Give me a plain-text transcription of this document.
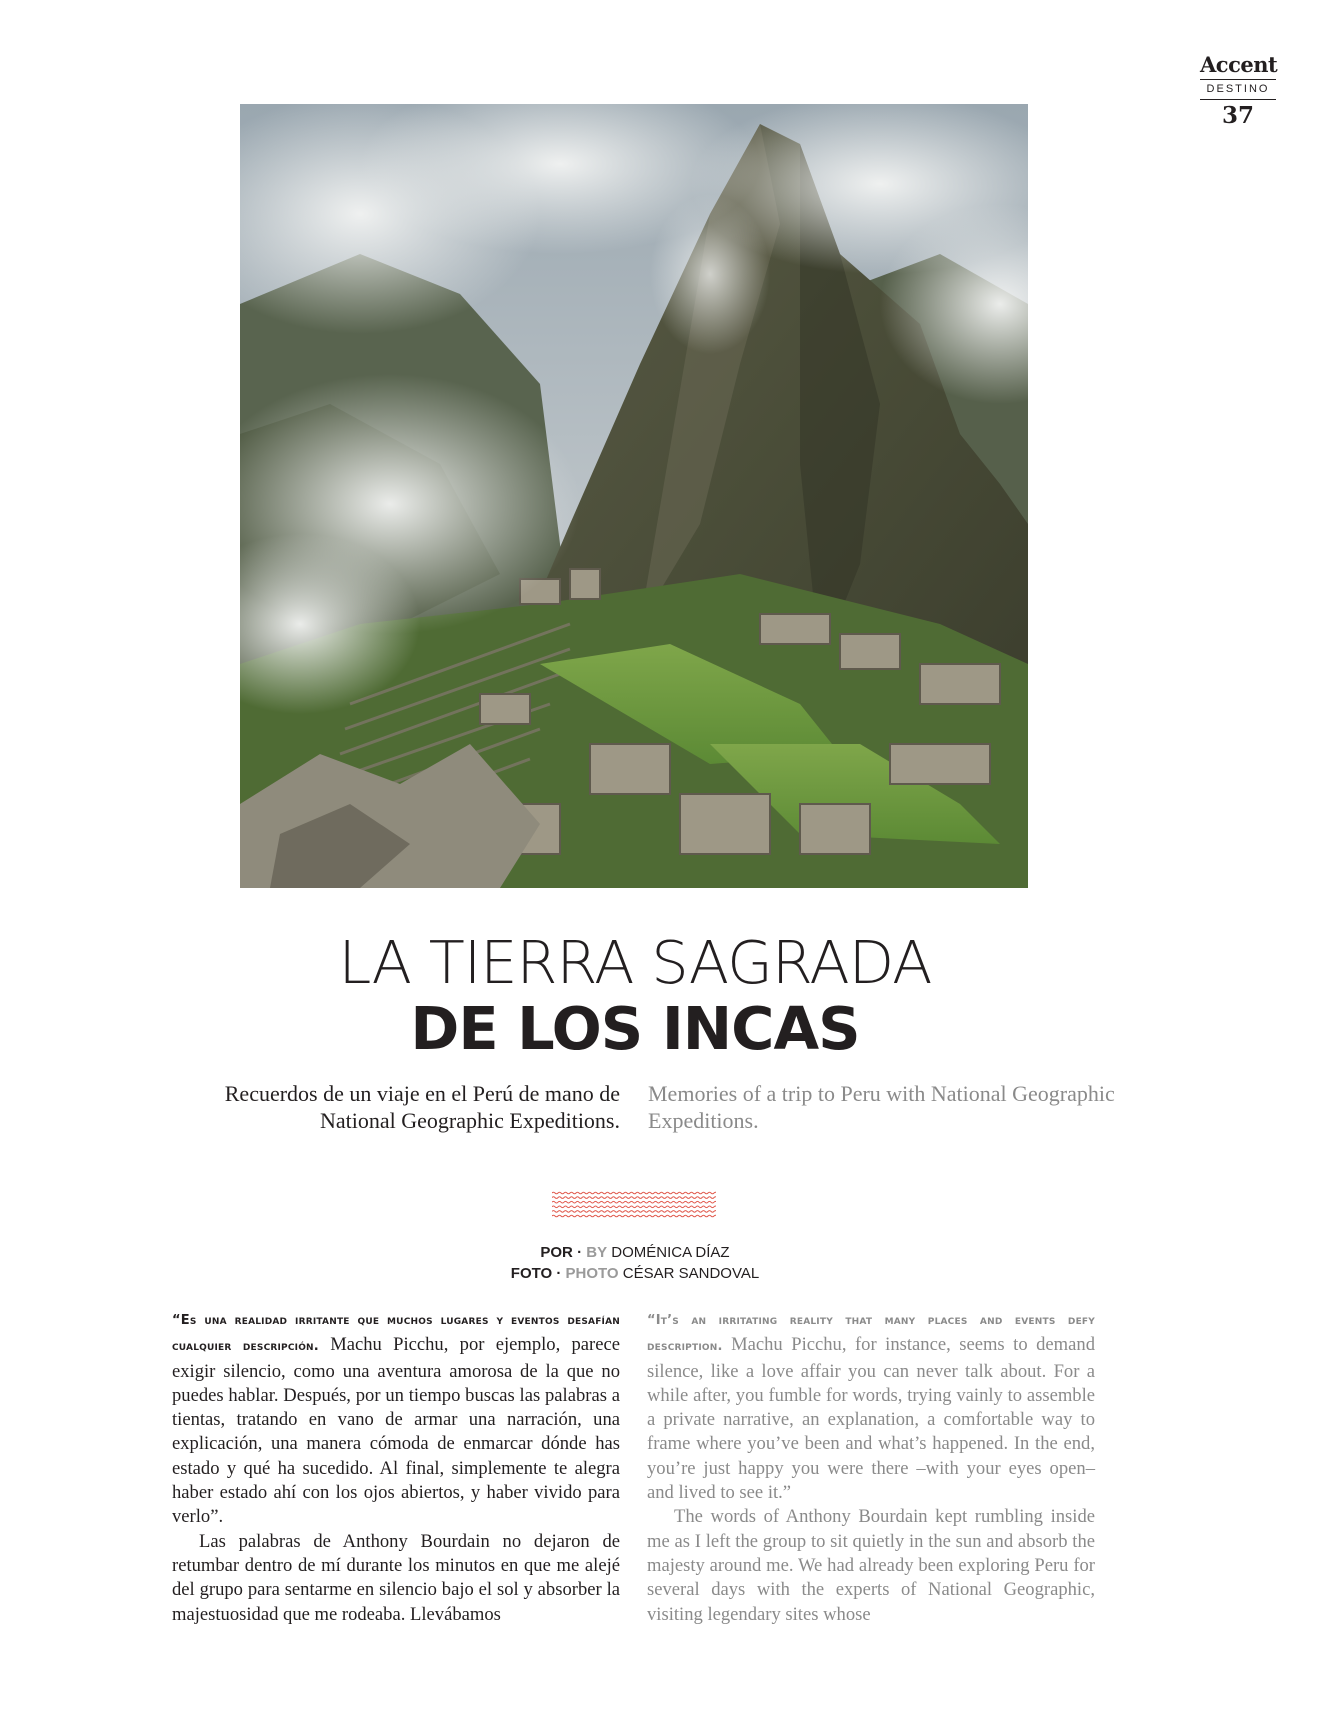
Accent
DESTINO
37
LA TIERRA SAGRADA
DE LOS INCAS
Recuerdos de un viaje en el Perú de mano de National Geographic Expeditions.
Memories of a trip to Peru with National Geographic Expeditions.
POR · BY DOMÉNICA DÍAZ
FOTO · PHOTO CÉSAR SANDOVAL

“Es una realidad irritante que muchos lugares y eventos desafían cualquier descripción. Machu Picchu, por ejemplo, parece exigir silencio, como una aventura amorosa de la que no puedes hablar. Después, por un tiempo buscas las palabras a tientas, tratando en vano de armar una narración, una explicación, una manera cómoda de enmarcar dónde has estado y qué ha sucedido. Al final, simplemente te alegra haber estado ahí con los ojos abiertos, y haber vivido para verlo”.

Las palabras de Anthony Bourdain no dejaron de retumbar dentro de mí durante los minutos en que me alejé del grupo para sentarme en silencio bajo el sol y absorber la majestuosidad que me rodeaba. Llevábamos

“It’s an irritating reality that many places and events defy description. Machu Picchu, for instance, seems to demand silence, like a love affair you can never talk about. For a while after, you fumble for words, trying vainly to assemble a private narrative, an explanation, a comfortable way to frame where you’ve been and what’s happened. In the end, you’re just happy you were there –with your eyes open– and lived to see it.”

The words of Anthony Bourdain kept rumbling inside me as I left the group to sit quietly in the sun and absorb the majesty around me. We had already been exploring Peru for several days with the experts of National Geographic, visiting legendary sites whose
